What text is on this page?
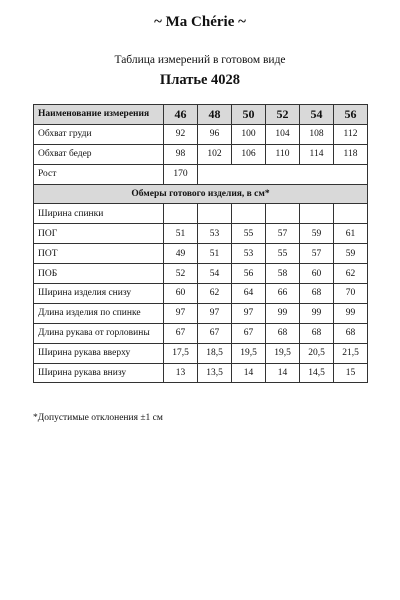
~ Ma Chérie ~
Таблица измерений в готовом виде
Платье 4028
Наименование измерения	46	48	50	52	54	56
Обхват груди	92	96	100	104	108	112
Обхват бедер	98	102	106	110	114	118
Рост	170					
Обмеры готового изделия, в см*						
Ширина спинки						
ПОГ	51	53	55	57	59	61
ПОТ	49	51	53	55	57	59
ПОБ	52	54	56	58	60	62
Ширина изделия снизу	60	62	64	66	68	70
Длина изделия по спинке	97	97	97	99	99	99
Длина рукава от горловины	67	67	67	68	68	68
Ширина рукава вверху	17,5	18,5	19,5	19,5	20,5	21,5
Ширина рукава внизу	13	13,5	14	14	14,5	15
*Допустимые отклонения ±1 см
